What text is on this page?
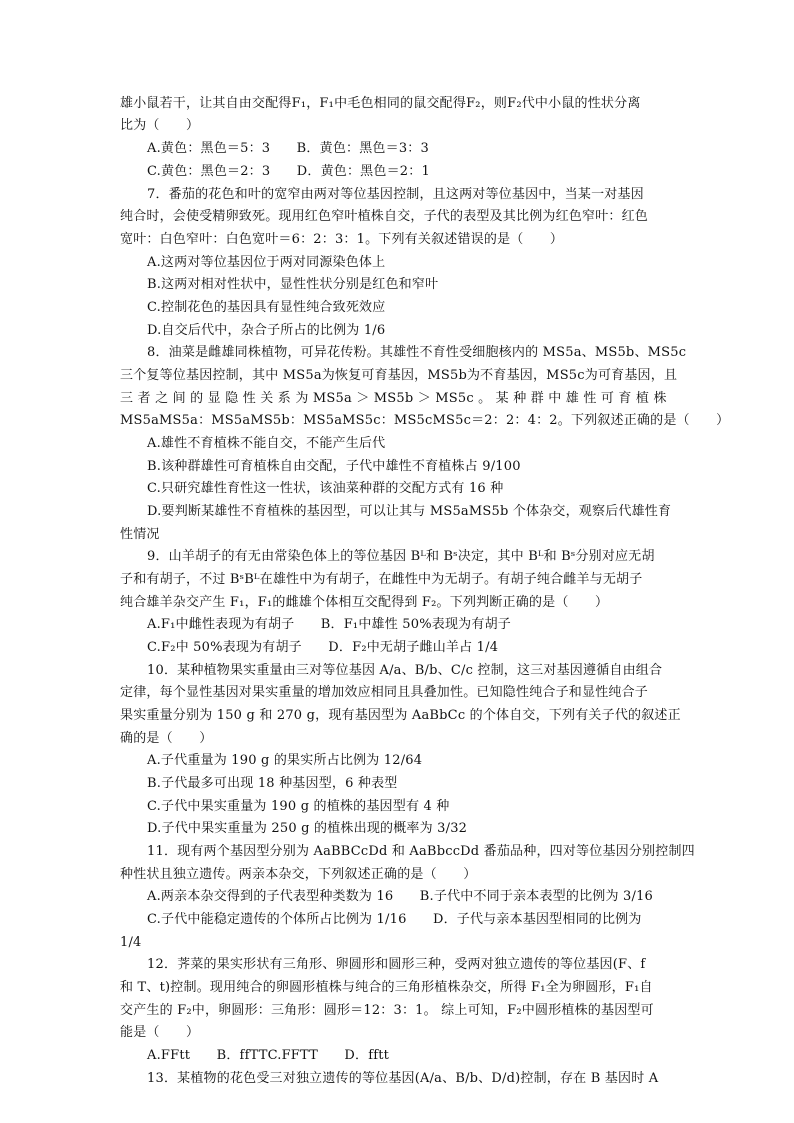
雄小鼠若干，让其自由交配得F₁，F₁中毛色相同的鼠交配得F₂，则F₂代中小鼠的性状分离
比为（　　）
A.黄色：黑色＝5：3　　B．黄色：黑色＝3：3
C.黄色：黑色＝2：3　　D．黄色：黑色＝2：1
7．番茄的花色和叶的宽窄由两对等位基因控制，且这两对等位基因中，当某一对基因
纯合时，会使受精卵致死。现用红色窄叶植株自交，子代的表型及其比例为红色窄叶：红色
宽叶：白色窄叶：白色宽叶＝6：2：3：1。下列有关叙述错误的是（　　）
A.这两对等位基因位于两对同源染色体上
B.这两对相对性状中，显性性状分别是红色和窄叶
C.控制花色的基因具有显性纯合致死效应
D.自交后代中，杂合子所占的比例为 1/6
8．油菜是雌雄同株植物，可异花传粉。其雄性不育性受细胞核内的 MS5a、MS5b、MS5c
三个复等位基因控制，其中 MS5a为恢复可育基因，MS5b为不育基因，MS5c为可育基因，且
三 者 之 间 的 显 隐 性 关 系 为 MS5a ＞ MS5b ＞ MS5c 。 某 种 群 中 雄 性 可 育 植 株
MS5aMS5a：MS5aMS5b：MS5aMS5c：MS5cMS5c＝2：2：4：2。下列叙述正确的是（　　）
A.雄性不育植株不能自交，不能产生后代
B.该种群雄性可育植株自由交配，子代中雄性不育植株占 9/100
C.只研究雄性育性这一性状，该油菜种群的交配方式有 16 种
D.要判断某雄性不育植株的基因型，可以让其与 MS5aMS5b 个体杂交，观察后代雄性育
性情况
9．山羊胡子的有无由常染色体上的等位基因 Bᴸ和 Bˢ决定，其中 Bᴸ和 Bˢ分别对应无胡
子和有胡子，不过 BˢBᴸ在雄性中为有胡子，在雌性中为无胡子。有胡子纯合雌羊与无胡子
纯合雄羊杂交产生 F₁，F₁的雌雄个体相互交配得到 F₂。下列判断正确的是（　　）
A.F₁中雌性表现为有胡子　　B．F₁中雄性 50%表现为有胡子
C.F₂中 50%表现为有胡子　　D．F₂中无胡子雌山羊占 1/4
10．某种植物果实重量由三对等位基因 A/a、B/b、C/c 控制，这三对基因遵循自由组合
定律，每个显性基因对果实重量的增加效应相同且具叠加性。已知隐性纯合子和显性纯合子
果实重量分别为 150 g 和 270 g，现有基因型为 AaBbCc 的个体自交，下列有关子代的叙述正
确的是（　　）
A.子代重量为 190 g 的果实所占比例为 12/64
B.子代最多可出现 18 种基因型，6 种表型
C.子代中果实重量为 190 g 的植株的基因型有 4 种
D.子代中果实重量为 250 g 的植株出现的概率为 3/32
11．现有两个基因型分别为 AaBBCcDd 和 AaBbccDd 番茄品种，四对等位基因分别控制四
种性状且独立遗传。两亲本杂交，下列叙述正确的是（　　）
A.两亲本杂交得到的子代表型种类数为 16　　B.子代中不同于亲本表型的比例为 3/16
C.子代中能稳定遗传的个体所占比例为 1/16　　D．子代与亲本基因型相同的比例为
1/4
12．荠菜的果实形状有三角形、卵圆形和圆形三种，受两对独立遗传的等位基因(F、f
和 T、t)控制。现用纯合的卵圆形植株与纯合的三角形植株杂交，所得 F₁全为卵圆形，F₁自
交产生的 F₂中，卵圆形：三角形：圆形＝12：3：1。 综上可知，F₂中圆形植株的基因型可
能是（　　）
A.FFtt　　B．ffTTC.FFTT　　D．fftt
13．某植物的花色受三对独立遗传的等位基因(A/a、B/b、D/d)控制，存在 B 基因时 A
